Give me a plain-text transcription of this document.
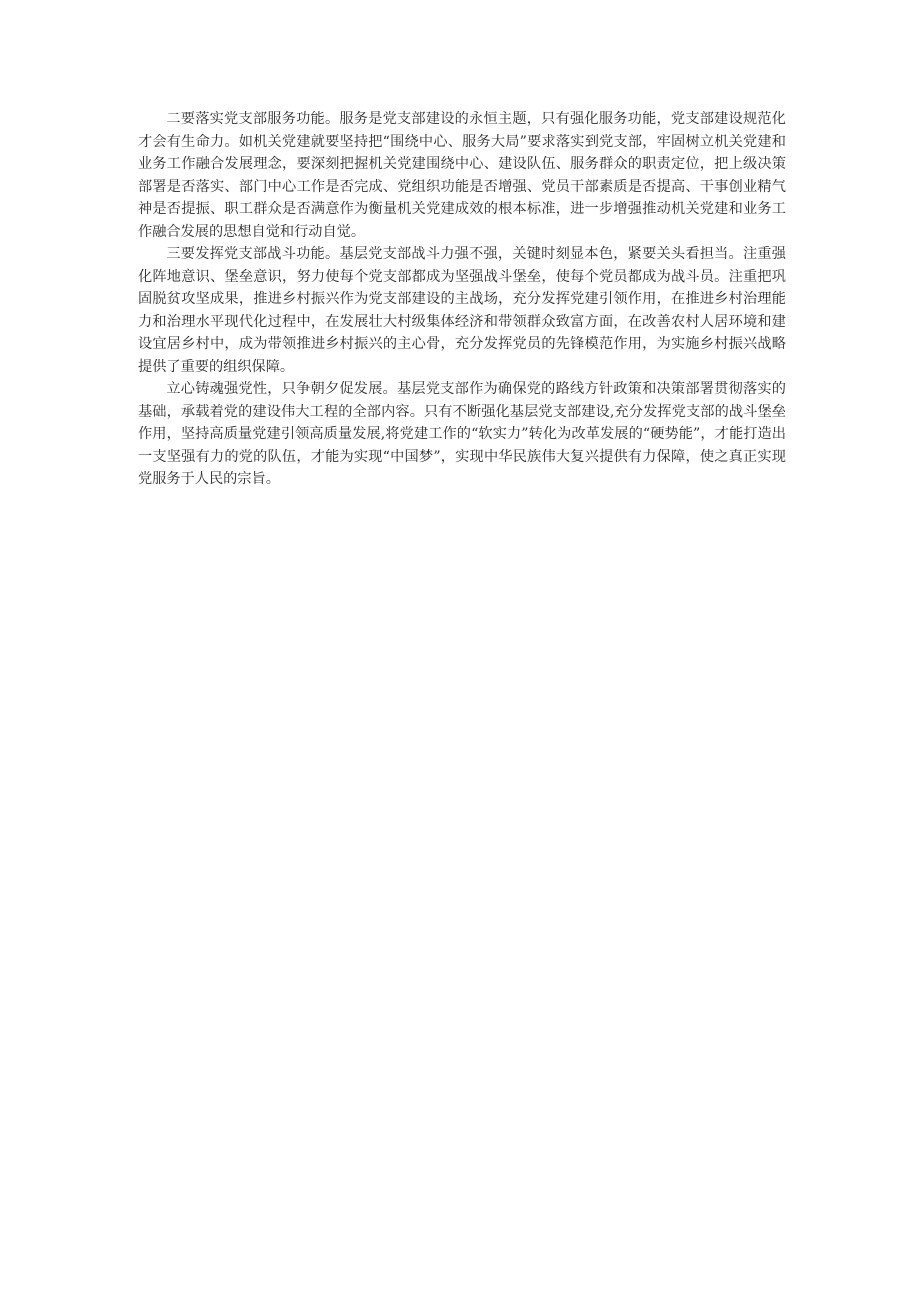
二要落实党支部服务功能。服务是党支部建设的永恒主题，只有强化服务功能，党支部建设规范化才会有生命力。如机关党建就要坚持把“围绕中心、服务大局”要求落实到党支部，牢固树立机关党建和业务工作融合发展理念，要深刻把握机关党建围绕中心、建设队伍、服务群众的职责定位，把上级决策部署是否落实、部门中心工作是否完成、党组织功能是否增强、党员干部素质是否提高、干事创业精气神是否提振、职工群众是否满意作为衡量机关党建成效的根本标准，进一步增强推动机关党建和业务工作融合发展的思想自觉和行动自觉。

三要发挥党支部战斗功能。基层党支部战斗力强不强，关键时刻显本色，紧要关头看担当。注重强化阵地意识、堡垒意识，努力使每个党支部都成为坚强战斗堡垒，使每个党员都成为战斗员。注重把巩固脱贫攻坚成果，推进乡村振兴作为党支部建设的主战场，充分发挥党建引领作用，在推进乡村治理能力和治理水平现代化过程中，在发展壮大村级集体经济和带领群众致富方面，在改善农村人居环境和建设宜居乡村中，成为带领推进乡村振兴的主心骨，充分发挥党员的先锋模范作用，为实施乡村振兴战略提供了重要的组织保障。

立心铸魂强党性，只争朝夕促发展。基层党支部作为确保党的路线方针政策和决策部署贯彻落实的基础，承载着党的建设伟大工程的全部内容。只有不断强化基层党支部建设,充分发挥党支部的战斗堡垒作用，坚持高质量党建引领高质量发展,将党建工作的“软实力”转化为改革发展的“硬势能”，才能打造出一支坚强有力的党的队伍，才能为实现“中国梦”，实现中华民族伟大复兴提供有力保障，使之真正实现党服务于人民的宗旨。
